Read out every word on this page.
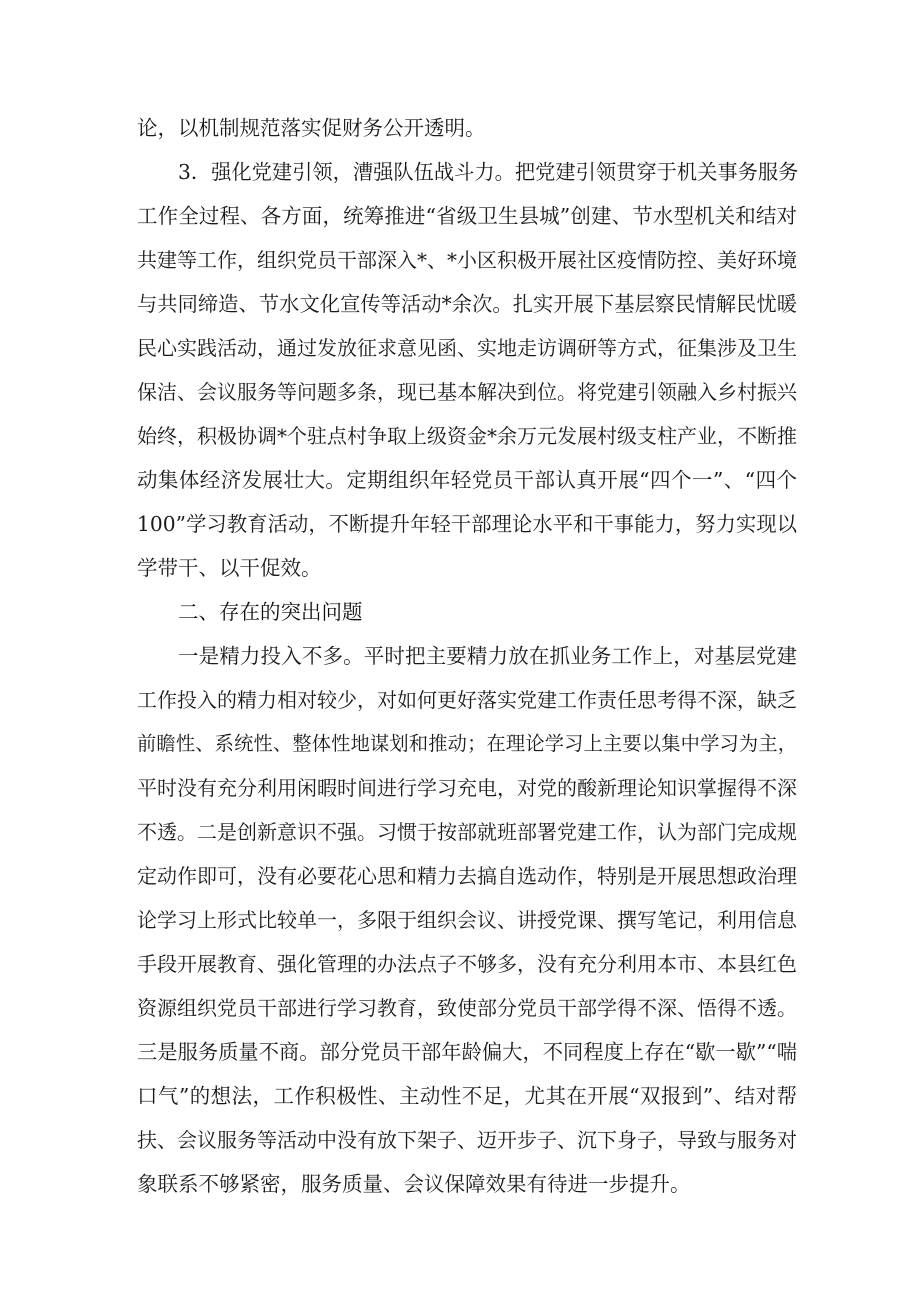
论，以机制规范落实促财务公开透明。

3．强化党建引领，漕强队伍战斗力。把党建引领贯穿于机关事务服务

工作全过程、各方面，统筹推进“省级卫生县城”创建、节水型机关和结对

共建等工作，组织党员干部深入*、*小区积极开展社区疫情防控、美好环境

与共同缔造、节水文化宣传等活动*余次。扎实开展下基层察民情解民忧暖

民心实践活动，通过发放征求意见函、实地走访调研等方式，征集涉及卫生

保洁、会议服务等问题多条，现已基本解决到位。将党建引领融入乡村振兴

始终，积极协调*个驻点村争取上级资金*余万元发展村级支柱产业，不断推

动集体经济发展壮大。定期组织年轻党员干部认真开展“四个一”、“四个

100”学习教育活动，不断提升年轻干部理论水平和干事能力，努力实现以

学带干、以干促效。

二、存在的突出问题

一是精力投入不多。平时把主要精力放在抓业务工作上，对基层党建

工作投入的精力相对较少，对如何更好落实党建工作责任思考得不深，缺乏

前瞻性、系统性、整体性地谋划和推动；在理论学习上主要以集中学习为主，

平时没有充分利用闲暇时间进行学习充电，对党的酸新理论知识掌握得不深

不透。二是创新意识不强。习惯于按部就班部署党建工作，认为部门完成规

定动作即可，没有必要花心思和精力去搞自选动作，特别是开展思想政治理

论学习上形式比较单一，多限于组织会议、讲授党课、撰写笔记，利用信息

手段开展教育、强化管理的办法点子不够多，没有充分利用本市、本县红色

资源组织党员干部进行学习教育，致使部分党员干部学得不深、悟得不透。

三是服务质量不商。部分党员干部年龄偏大，不同程度上存在“歇一歇”“喘

口气”的想法，工作积极性、主动性不足，尤其在开展“双报到”、结对帮

扶、会议服务等活动中没有放下架子、迈开步子、沉下身子，导致与服务对

象联系不够紧密，服务质量、会议保障效果有待进一步提升。
